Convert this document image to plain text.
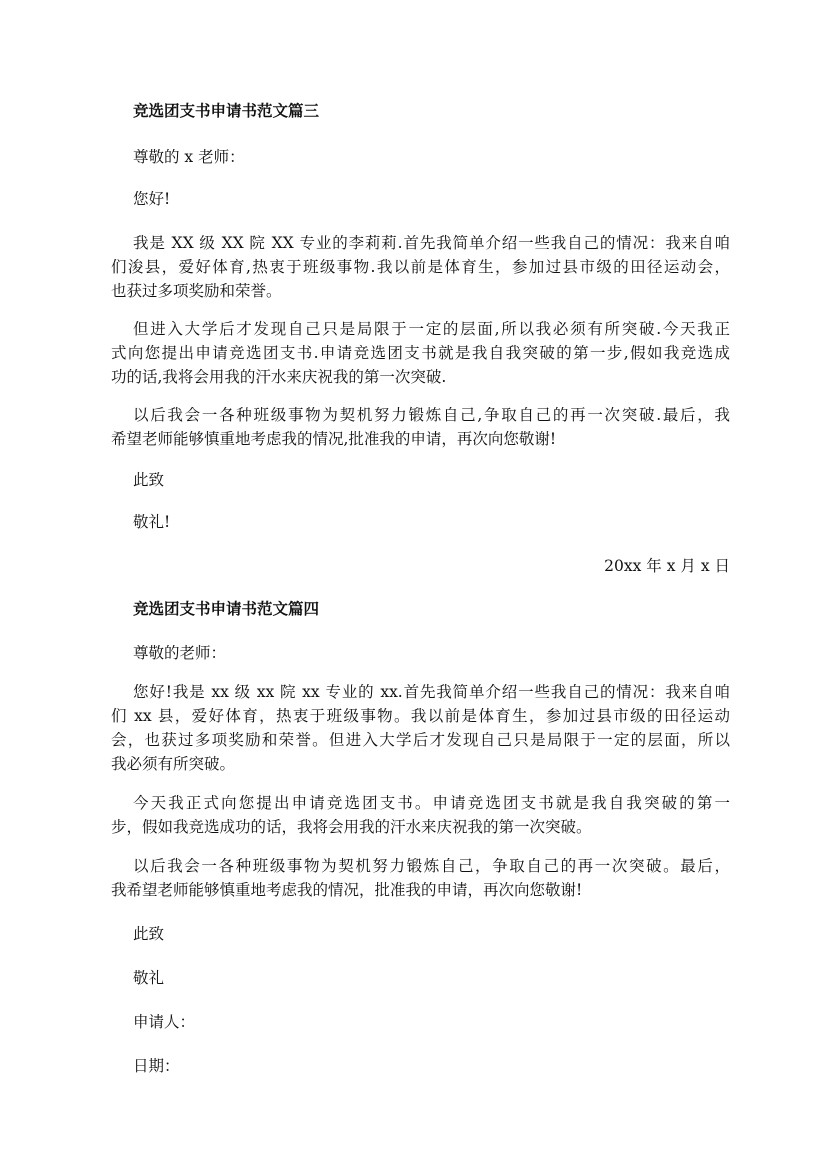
竞选团支书申请书范文篇三
尊敬的 x 老师：
您好!
我是 XX 级 XX 院 XX 专业的李莉莉.首先我简单介绍一些我自己的情况：我来自咱
们浚县，爱好体育,热衷于班级事物.我以前是体育生，参加过县市级的田径运动会，
也获过多项奖励和荣誉。
但进入大学后才发现自己只是局限于一定的层面,所以我必须有所突破.今天我正
式向您提出申请竞选团支书.申请竞选团支书就是我自我突破的第一步,假如我竞选成
功的话,我将会用我的汗水来庆祝我的第一次突破.
以后我会一各种班级事物为契机努力锻炼自己,争取自己的再一次突破.最后，我
希望老师能够慎重地考虑我的情况,批准我的申请，再次向您敬谢!
此致
敬礼!
20xx 年 x 月 x 日
竞选团支书申请书范文篇四
尊敬的老师：
您好!我是 xx 级 xx 院 xx 专业的 xx.首先我简单介绍一些我自己的情况：我来自咱
们 xx 县，爱好体育，热衷于班级事物。我以前是体育生，参加过县市级的田径运动
会，也获过多项奖励和荣誉。但进入大学后才发现自己只是局限于一定的层面，所以
我必须有所突破。
今天我正式向您提出申请竞选团支书。申请竞选团支书就是我自我突破的第一
步，假如我竞选成功的话，我将会用我的汗水来庆祝我的第一次突破。
以后我会一各种班级事物为契机努力锻炼自己，争取自己的再一次突破。最后，
我希望老师能够慎重地考虑我的情况，批准我的申请，再次向您敬谢!
此致
敬礼
申请人：
日期：
